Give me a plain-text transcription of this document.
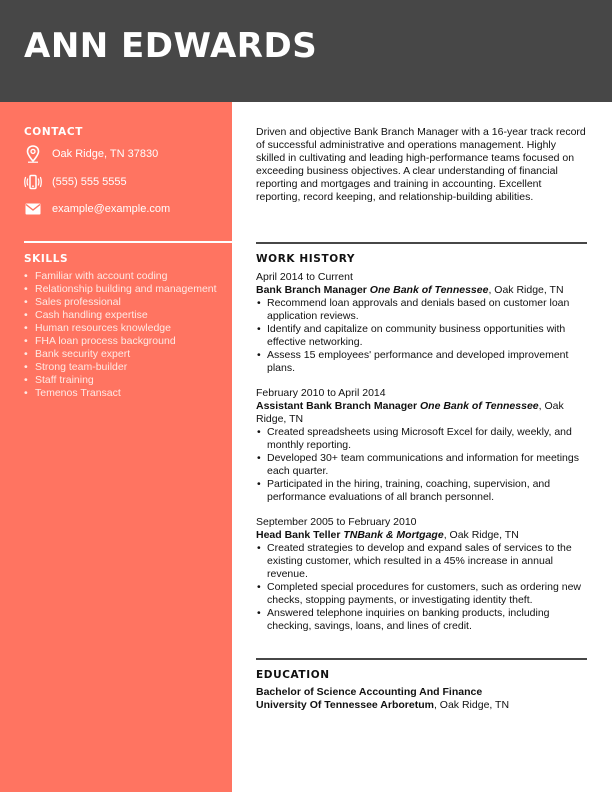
ANN EDWARDS
CONTACT
Oak Ridge, TN 37830
(555) 555 5555
example@example.com
SKILLS
• Familiar with account coding
• Relationship building and management
• Sales professional
• Cash handling expertise
• Human resources knowledge
• FHA loan process background
• Bank security expert
• Strong team-builder
• Staff training
• Temenos Transact

Driven and objective Bank Branch Manager with a 16-year track record of successful administrative and operations management. Highly skilled in cultivating and leading high-performance teams focused on exceeding business objectives. A clear understanding of financial reporting and mortgages and training in accounting. Excellent reporting, record keeping, and relationship-building abilities.

WORK HISTORY
April 2014 to Current
Bank Branch Manager One Bank of Tennessee, Oak Ridge, TN
• Recommend loan approvals and denials based on customer loan application reviews.
• Identify and capitalize on community business opportunities with effective networking.
• Assess 15 employees' performance and developed improvement plans.
February 2010 to April 2014
Assistant Bank Branch Manager One Bank of Tennessee, Oak Ridge, TN
• Created spreadsheets using Microsoft Excel for daily, weekly, and monthly reporting.
• Developed 30+ team communications and information for meetings each quarter.
• Participated in the hiring, training, coaching, supervision, and performance evaluations of all branch personnel.
September 2005 to February 2010
Head Bank Teller TNBank & Mortgage, Oak Ridge, TN
• Created strategies to develop and expand sales of services to the existing customer, which resulted in a 45% increase in annual revenue.
• Completed special procedures for customers, such as ordering new checks, stopping payments, or investigating identity theft.
• Answered telephone inquiries on banking products, including checking, savings, loans, and lines of credit.
EDUCATION
Bachelor of Science Accounting And Finance
University Of Tennessee Arboretum, Oak Ridge, TN
